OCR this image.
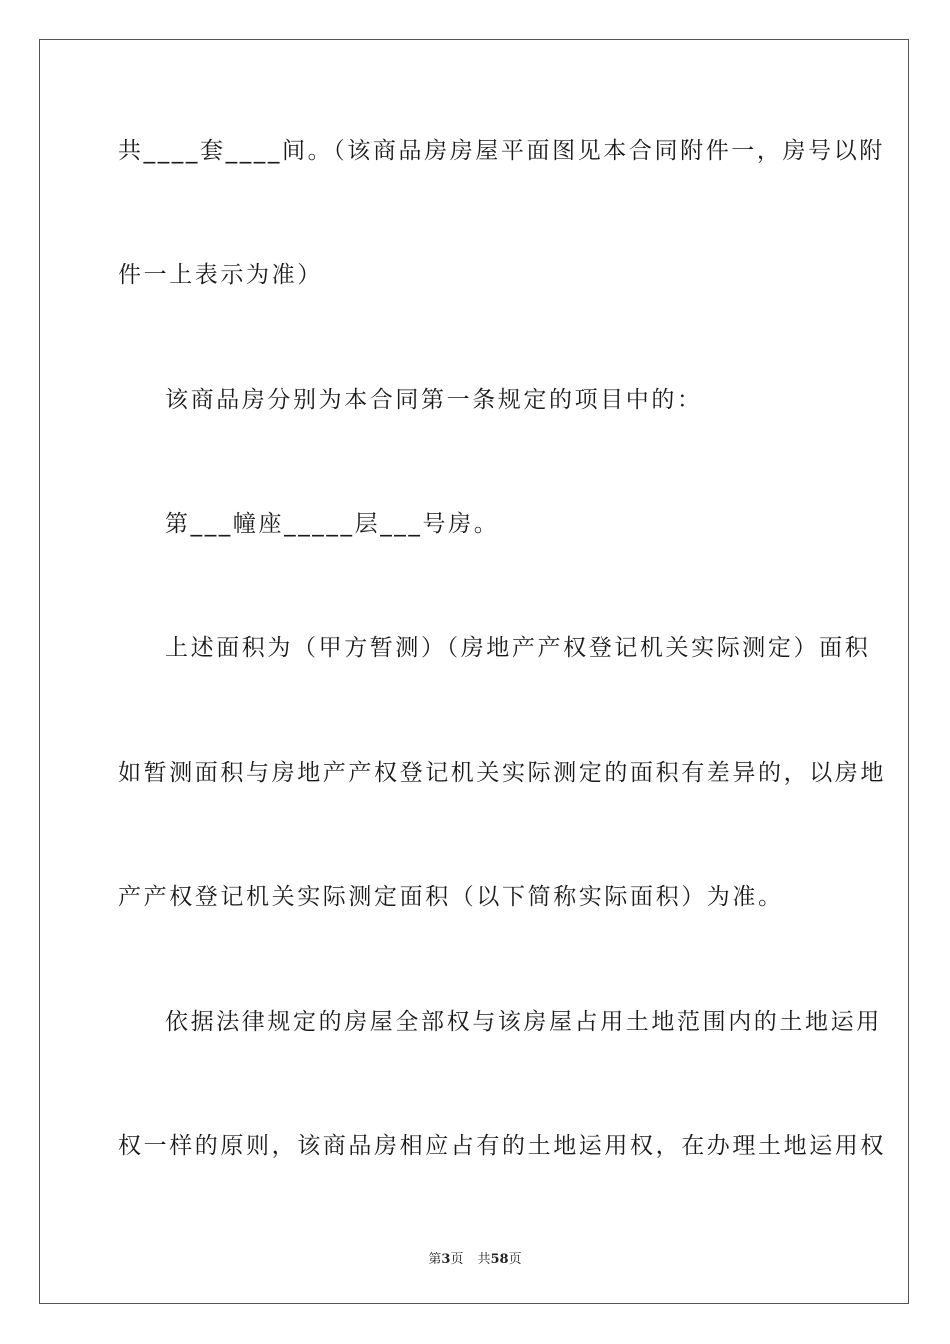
共____套____间。（该商品房房屋平面图见本合同附件一，房号以附
件一上表示为准）
该商品房分别为本合同第一条规定的项目中的：
第___幢座_____层___号房。
上述面积为（甲方暂测）（房地产产权登记机关实际测定）面积
如暂测面积与房地产产权登记机关实际测定的面积有差异的，以房地
产产权登记机关实际测定面积（以下简称实际面积）为准。
依据法律规定的房屋全部权与该房屋占用土地范围内的土地运用
权一样的原则，该商品房相应占有的土地运用权，在办理土地运用权
第3页 共58页
